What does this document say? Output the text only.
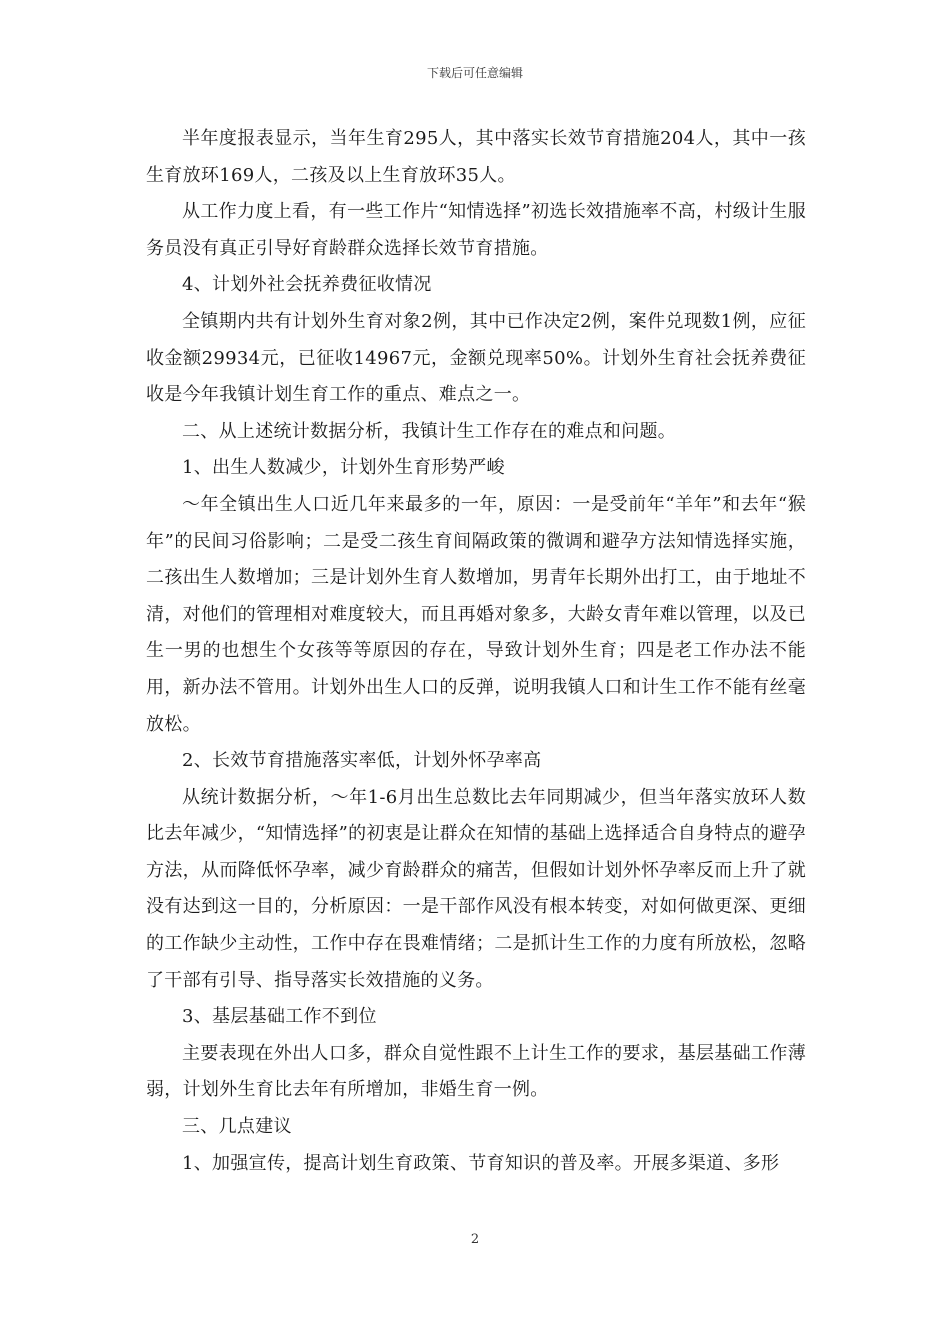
下载后可任意编辑

半年度报表显示，当年生育295人，其中落实长效节育措施204人，其中一孩生育放环169人，二孩及以上生育放环35人。

从工作力度上看，有一些工作片“知情选择”初选长效措施率不高，村级计生服务员没有真正引导好育龄群众选择长效节育措施。

4、计划外社会抚养费征收情况

全镇期内共有计划外生育对象2例，其中已作决定2例，案件兑现数1例，应征收金额29934元，已征收14967元，金额兑现率50%。计划外生育社会抚养费征收是今年我镇计划生育工作的重点、难点之一。

二、从上述统计数据分析，我镇计生工作存在的难点和问题。

1、出生人数减少，计划外生育形势严峻

～年全镇出生人口近几年来最多的一年，原因：一是受前年“羊年”和去年“猴年”的民间习俗影响；二是受二孩生育间隔政策的微调和避孕方法知情选择实施，二孩出生人数增加；三是计划外生育人数增加，男青年长期外出打工，由于地址不清，对他们的管理相对难度较大，而且再婚对象多，大龄女青年难以管理，以及已生一男的也想生个女孩等等原因的存在，导致计划外生育；四是老工作办法不能用，新办法不管用。计划外出生人口的反弹，说明我镇人口和计生工作不能有丝毫放松。

2、长效节育措施落实率低，计划外怀孕率高

从统计数据分析，～年1-6月出生总数比去年同期减少，但当年落实放环人数比去年减少，“知情选择”的初衷是让群众在知情的基础上选择适合自身特点的避孕方法，从而降低怀孕率，减少育龄群众的痛苦，但假如计划外怀孕率反而上升了就没有达到这一目的，分析原因：一是干部作风没有根本转变，对如何做更深、更细的工作缺少主动性，工作中存在畏难情绪；二是抓计生工作的力度有所放松，忽略了干部有引导、指导落实长效措施的义务。

3、基层基础工作不到位

主要表现在外出人口多，群众自觉性跟不上计生工作的要求，基层基础工作薄弱，计划外生育比去年有所增加，非婚生育一例。

三、几点建议

1、加强宣传，提高计划生育政策、节育知识的普及率。开展多渠道、多形

2
